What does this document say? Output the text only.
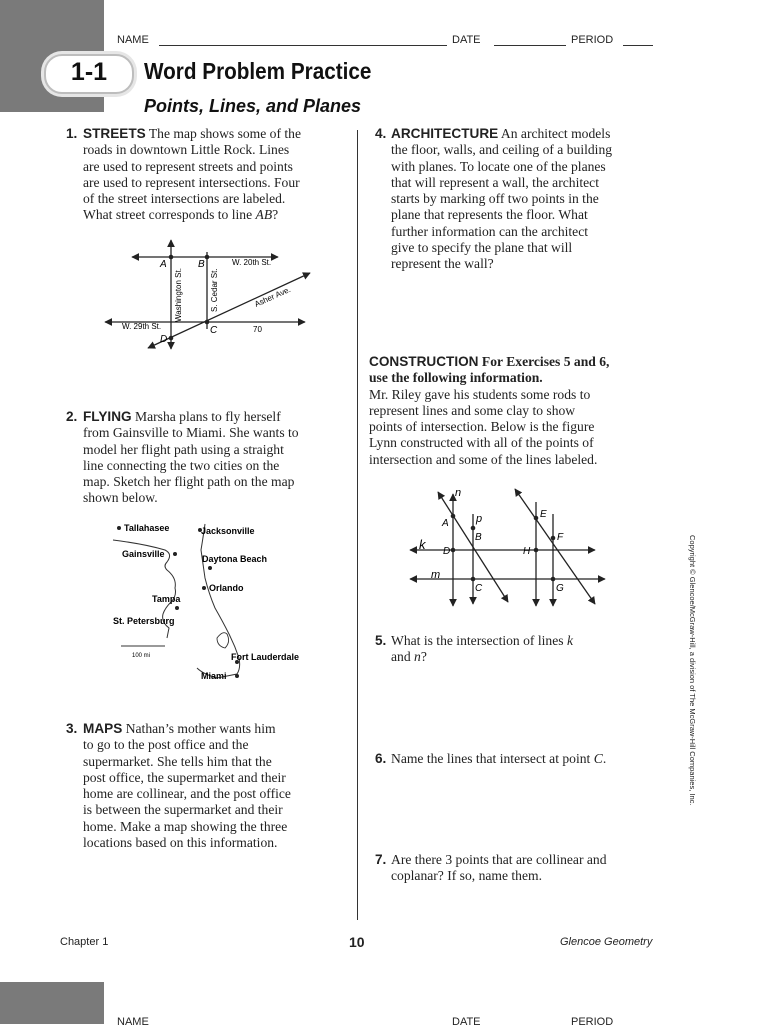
NAME	DATE	PERIOD
1-1	Word Problem Practice
Points, Lines, and Planes
1. STREETS The map shows some of the
roads in downtown Little Rock. Lines
are used to represent streets and points
are used to represent intersections. Four
of the street intersections are labeled.
What street corresponds to line AB?
A	B
C
D
W. 20th St.
Washington St.	S. Cedar St.	Asher Ave.
W. 29th St.	70
2. FLYING Marsha plans to fly herself
from Gainsville to Miami. She wants to
model her flight path using a straight
line connecting the two cities on the
map. Sketch her flight path on the map
shown below.
Tallahasee	Jacksonville
Gainsville	Daytona Beach
Orlando
Tampa
St. Petersburg
100 mi	Fort Lauderdale
Miami
3. MAPS Nathan’s mother wants him
to go to the post office and the
supermarket. She tells him that the
post office, the supermarket and their
home are collinear, and the post office
is between the supermarket and their
home. Make a map showing the three
locations based on this information.
4. ARCHITECTURE An architect models
the floor, walls, and ceiling of a building
with planes. To locate one of the planes
that will represent a wall, the architect
starts by marking off two points in the
plane that represents the floor. What
further information can the architect
give to specify the plane that will
represent the wall?
CONSTRUCTION For Exercises 5 and 6,
use the following information.
Mr. Riley gave his students some rods to
represent lines and some clay to show
points of intersection. Below is the figure
Lynn constructed with all of the points of
intersection and some of the lines labeled.
n
p
k
m
A
B
D
C
E
F
H
G
5. What is the intersection of lines k
and n?
6. Name the lines that intersect at point C.
7. Are there 3 points that are collinear and
coplanar? If so, name them.
Copyright © Glencoe/McGraw-Hill, a division of The McGraw-Hill Companies, Inc.
Chapter 1	10	Glencoe Geometry
NAME	DATE	PERIOD
